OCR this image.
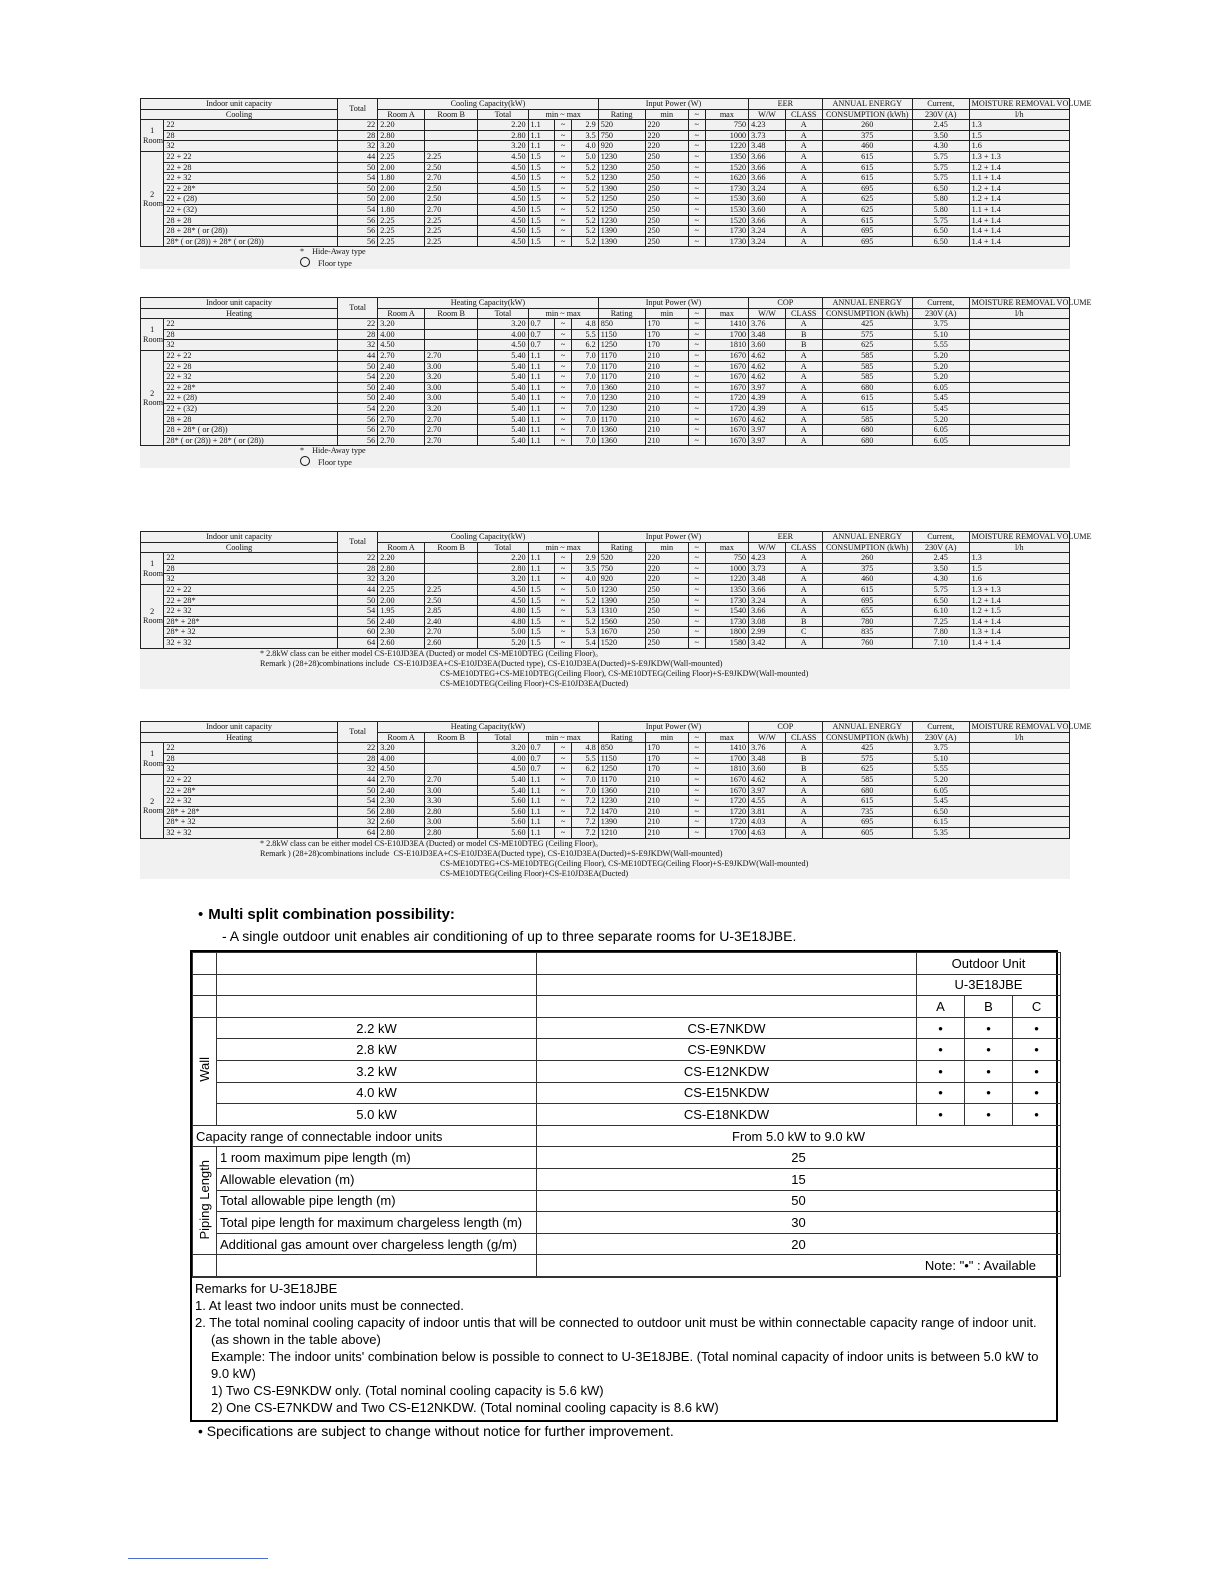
Indoor unit capacity		Total	Cooling Capacity(kW)						Input Power (W)				EER		ANNUAL ENERGY	Current,	MOISTURE REMOVAL VOLUME
Cooling			Room A	Room B	Total	min ~ max			Rating	min	~	max	W/W	CLASS	CONSUMPTION (kWh)	230V (A)	l/h

1
Room	22	22	2.20		2.20	1.1	~	2.9	520	220	~	750	4.23	A	260	2.45	1.3
	28	28	2.80		2.80	1.1	~	3.5	750	220	~	1000	3.73	A	375	3.50	1.5
	32	32	3.20		3.20	1.1	~	4.0	920	220	~	1220	3.48	A	460	4.30	1.6

2
Room	22 + 22	44	2.25	2.25	4.50	1.5	~	5.0	1230	250	~	1350	3.66	A	615	5.75	1.3 + 1.3
	22 + 28	50	2.00	2.50	4.50	1.5	~	5.2	1230	250	~	1520	3.66	A	615	5.75	1.2 + 1.4
	22 + 32	54	1.80	2.70	4.50	1.5	~	5.2	1230	250	~	1620	3.66	A	615	5.75	1.1 + 1.4
	22 + 28*	50	2.00	2.50	4.50	1.5	~	5.2	1390	250	~	1730	3.24	A	695	6.50	1.2 + 1.4
	22 + (28)	50	2.00	2.50	4.50	1.5	~	5.2	1250	250	~	1530	3.60	A	625	5.80	1.2 + 1.4
	22 + (32)	54	1.80	2.70	4.50	1.5	~	5.2	1250	250	~	1530	3.60	A	625	5.80	1.1 + 1.4
	28 + 28	56	2.25	2.25	4.50	1.5	~	5.2	1230	250	~	1520	3.66	A	615	5.75	1.4 + 1.4
	28 + 28* ( or (28))	56	2.25	2.25	4.50	1.5	~	5.2	1390	250	~	1730	3.24	A	695	6.50	1.4 + 1.4
	28* ( or (28)) + 28* ( or (28))	56	2.25	2.25	4.50	1.5	~	5.2	1390	250	~	1730	3.24	A	695	6.50	1.4 + 1.4
* Hide-Away type
Floor type
Indoor unit capacity		Total	Heating Capacity(kW)						Input Power (W)				COP		ANNUAL ENERGY	Current,	MOISTURE REMOVAL VOLUME
Heating			Room A	Room B	Total	min ~ max			Rating	min	~	max	W/W	CLASS	CONSUMPTION (kWh)	230V (A)	l/h

1
Room	22	22	3.20		3.20	0.7	~	4.8	850	170	~	1410	3.76	A	425	3.75	
	28	28	4.00		4.00	0.7	~	5.5	1150	170	~	1700	3.48	B	575	5.10	
	32	32	4.50		4.50	0.7	~	6.2	1250	170	~	1810	3.60	B	625	5.55	

2
Room	22 + 22	44	2.70	2.70	5.40	1.1	~	7.0	1170	210	~	1670	4.62	A	585	5.20	
	22 + 28	50	2.40	3.00	5.40	1.1	~	7.0	1170	210	~	1670	4.62	A	585	5.20	
	22 + 32	54	2.20	3.20	5.40	1.1	~	7.0	1170	210	~	1670	4.62	A	585	5.20	
	22 + 28*	50	2.40	3.00	5.40	1.1	~	7.0	1360	210	~	1670	3.97	A	680	6.05	
	22 + (28)	50	2.40	3.00	5.40	1.1	~	7.0	1230	210	~	1720	4.39	A	615	5.45	
	22 + (32)	54	2.20	3.20	5.40	1.1	~	7.0	1230	210	~	1720	4.39	A	615	5.45	
	28 + 28	56	2.70	2.70	5.40	1.1	~	7.0	1170	210	~	1670	4.62	A	585	5.20	
	28 + 28* ( or (28))	56	2.70	2.70	5.40	1.1	~	7.0	1360	210	~	1670	3.97	A	680	6.05	
	28* ( or (28)) + 28* ( or (28))	56	2.70	2.70	5.40	1.1	~	7.0	1360	210	~	1670	3.97	A	680	6.05	
* Hide-Away type
Floor type
Indoor unit capacity		Total	Cooling Capacity(kW)						Input Power (W)				EER		ANNUAL ENERGY	Current,	MOISTURE REMOVAL VOLUME
Cooling			Room A	Room B	Total	min ~ max			Rating	min	~	max	W/W	CLASS	CONSUMPTION (kWh)	230V (A)	l/h

1
Room	22	22	2.20		2.20	1.1	~	2.9	520	220	~	750	4.23	A	260	2.45	1.3
	28	28	2.80		2.80	1.1	~	3.5	750	220	~	1000	3.73	A	375	3.50	1.5
	32	32	3.20		3.20	1.1	~	4.0	920	220	~	1220	3.48	A	460	4.30	1.6

2
Room	22 + 22	44	2.25	2.25	4.50	1.5	~	5.0	1230	250	~	1350	3.66	A	615	5.75	1.3 + 1.3
	22 + 28*	50	2.00	2.50	4.50	1.5	~	5.2	1390	250	~	1730	3.24	A	695	6.50	1.2 + 1.4
	22 + 32	54	1.95	2.85	4.80	1.5	~	5.3	1310	250	~	1540	3.66	A	655	6.10	1.2 + 1.5
	28* + 28*	56	2.40	2.40	4.80	1.5	~	5.2	1560	250	~	1730	3.08	B	780	7.25	1.4 + 1.4
	28* + 32	60	2.30	2.70	5.00	1.5	~	5.3	1670	250	~	1800	2.99	C	835	7.80	1.3 + 1.4
	32 + 32	64	2.60	2.60	5.20	1.5	~	5.4	1520	250	~	1580	3.42	A	760	7.10	1.4 + 1.4
* 2.8kW class can be either model CS-E10JD3EA (Ducted) or model CS-ME10DTEG (Ceiling Floor)。
Remark ) (28+28)combinations include CS-E10JD3EA+CS-E10JD3EA(Ducted type), CS-E10JD3EA(Ducted)+S-E9JKDW(Wall-mounted)
CS-ME10DTEG+CS-ME10DTEG(Ceiling Floor), CS-ME10DTEG(Ceiling Floor)+S-E9JKDW(Wall-mounted)
CS-ME10DTEG(Ceiling Floor)+CS-E10JD3EA(Ducted)
Indoor unit capacity		Total	Heating Capacity(kW)						Input Power (W)				COP		ANNUAL ENERGY	Current,	MOISTURE REMOVAL VOLUME
Heating			Room A	Room B	Total	min ~ max			Rating	min	~	max	W/W	CLASS	CONSUMPTION (kWh)	230V (A)	l/h

1
Room	22	22	3.20		3.20	0.7	~	4.8	850	170	~	1410	3.76	A	425	3.75	
	28	28	4.00		4.00	0.7	~	5.5	1150	170	~	1700	3.48	B	575	5.10	
	32	32	4.50		4.50	0.7	~	6.2	1250	170	~	1810	3.60	B	625	5.55	

2
Room	22 + 22	44	2.70	2.70	5.40	1.1	~	7.0	1170	210	~	1670	4.62	A	585	5.20	
	22 + 28*	50	2.40	3.00	5.40	1.1	~	7.0	1360	210	~	1670	3.97	A	680	6.05	
	22 + 32	54	2.30	3.30	5.60	1.1	~	7.2	1230	210	~	1720	4.55	A	615	5.45	
	28* + 28*	56	2.80	2.80	5.60	1.1	~	7.2	1470	210	~	1720	3.81	A	735	6.50	
	28* + 32	32	2.60	3.00	5.60	1.1	~	7.2	1390	210	~	1720	4.03	A	695	6.15	
	32 + 32	64	2.80	2.80	5.60	1.1	~	7.2	1210	210	~	1700	4.63	A	605	5.35	
* 2.8kW class can be either model CS-E10JD3EA (Ducted) or model CS-ME10DTEG (Ceiling Floor)。
Remark ) (28+28)combinations include CS-E10JD3EA+CS-E10JD3EA(Ducted type), CS-E10JD3EA(Ducted)+S-E9JKDW(Wall-mounted)
CS-ME10DTEG+CS-ME10DTEG(Ceiling Floor), CS-ME10DTEG(Ceiling Floor)+S-E9JKDW(Wall-mounted)
CS-ME10DTEG(Ceiling Floor)+CS-E10JD3EA(Ducted)
• Multi split combination possibility:
- A single outdoor unit enables air conditioning of up to three separate rooms for U-3E18JBE.
			Outdoor Unit		
			U-3E18JBE		
			A	B	C
Wall	2.2 kW	CS-E7NKDW	•	•	•
	2.8 kW	CS-E9NKDW	•	•	•
	3.2 kW	CS-E12NKDW	•	•	•
	4.0 kW	CS-E15NKDW	•	•	•
	5.0 kW	CS-E18NKDW	•	•	•
Capacity range of connectable indoor units		From 5.0 kW to 9.0 kW			
Piping Length	1 room maximum pipe length (m)	25			
	Allowable elevation (m)	15			
	Total allowable pipe length (m)	50			
	Total pipe length for maximum chargeless length (m)	30			
	Additional gas amount over chargeless length (g/m)	20			
		Note: "•" : Available			
Remarks for U-3E18JBE
1. At least two indoor units must be connected.
2. The total nominal cooling capacity of indoor untis that will be connected to outdoor unit must be within connectable capacity range of indoor unit.
(as shown in the table above)
Example: The indoor units' combination below is possible to connect to U-3E18JBE. (Total nominal capacity of indoor units is between 5.0 kW to 9.0 kW)
1) Two CS-E9NKDW only. (Total nominal cooling capacity is 5.6 kW)
2) One CS-E7NKDW and Two CS-E12NKDW. (Total nominal cooling capacity is 8.6 kW)
• Specifications are subject to change without notice for further improvement.
